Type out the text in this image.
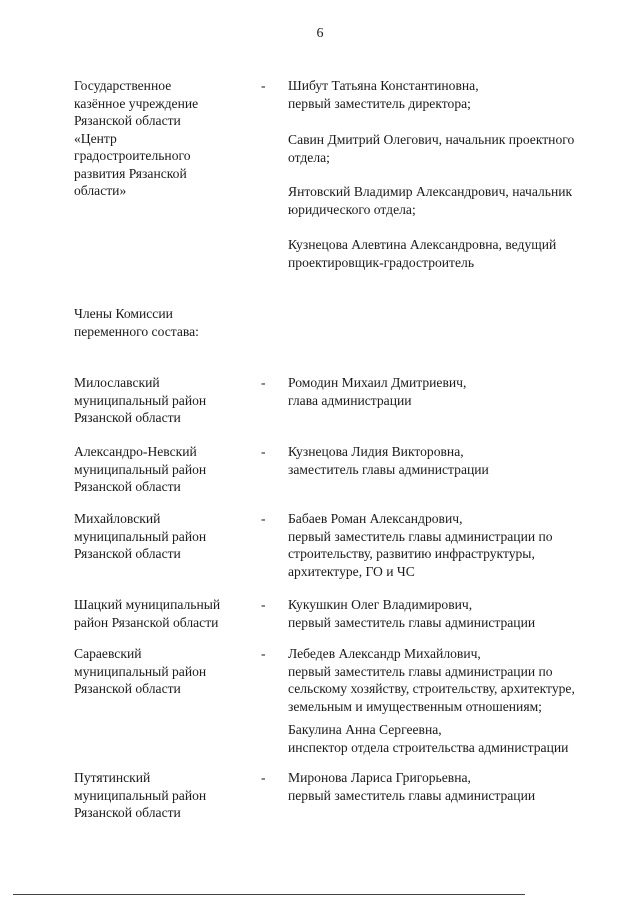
6
Государственное
казённое учреждение
Рязанской области
«Центр
градостроительного
развития Рязанской
области»
-	Шибут Татьяна Константиновна,
первый заместитель директора;
Савин Дмитрий Олегович, начальник проектного
отдела;
Янтовский Владимир Александрович, начальник
юридического отдела;
Кузнецова Алевтина Александровна, ведущий
проектировщик-градостроитель
Члены Комиссии
переменного состава:
Милославский
муниципальный район
Рязанской области
-	Ромодин Михаил Дмитриевич,
глава администрации
Александро-Невский
муниципальный район
Рязанской области
-	Кузнецова Лидия Викторовна,
заместитель главы администрации
Михайловский
муниципальный район
Рязанской области
-	Бабаев Роман Александрович,
первый заместитель главы администрации по
строительству, развитию инфраструктуры,
архитектуре, ГО и ЧС
Шацкий муниципальный
район Рязанской области
-	Кукушкин Олег Владимирович,
первый заместитель главы администрации
Сараевский
муниципальный район
Рязанской области
-	Лебедев Александр Михайлович,
первый заместитель главы администрации по
сельскому хозяйству, строительству, архитектуре,
земельным и имущественным отношениям;
Бакулина Анна Сергеевна,
инспектор отдела строительства администрации
Путятинский
муниципальный район
Рязанской области
-	Миронова Лариса Григорьевна,
первый заместитель главы администрации
